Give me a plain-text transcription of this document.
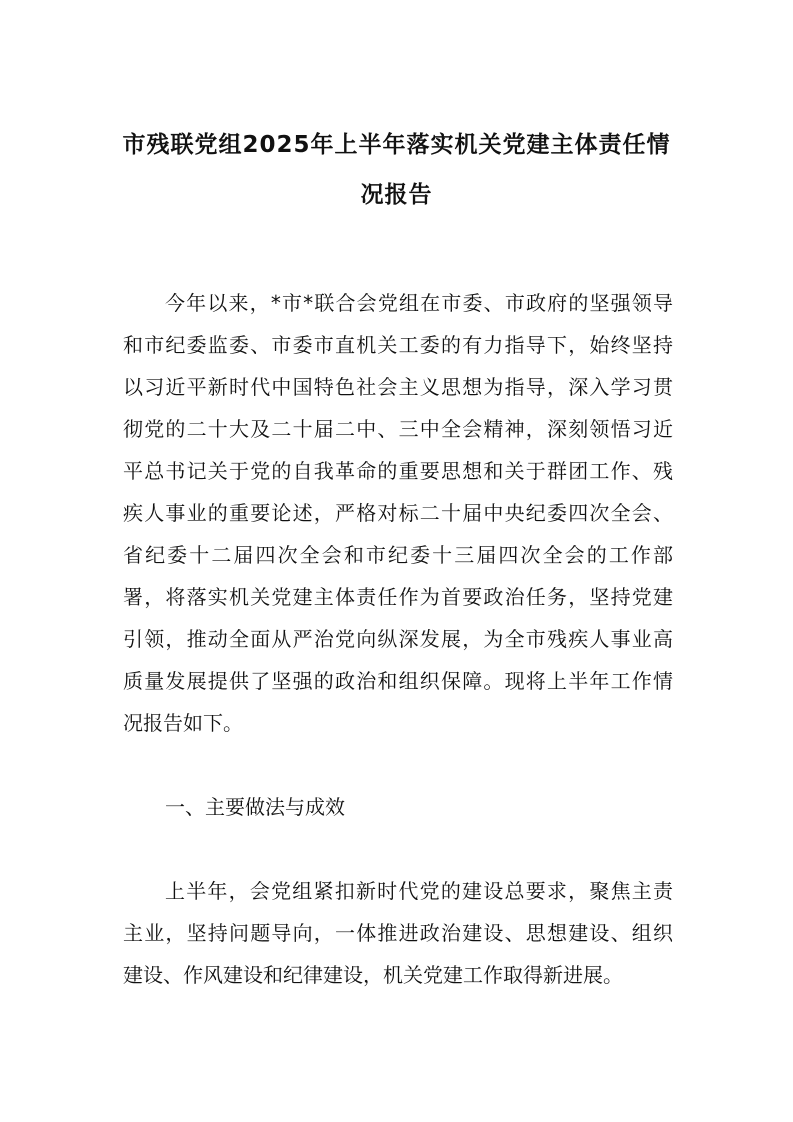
市残联党组2025年上半年落实机关党建主体责任情
况报告
今年以来，*市*联合会党组在市委、市政府的坚强领导
和市纪委监委、市委市直机关工委的有力指导下，始终坚持
以习近平新时代中国特色社会主义思想为指导，深入学习贯
彻党的二十大及二十届二中、三中全会精神，深刻领悟习近
平总书记关于党的自我革命的重要思想和关于群团工作、残
疾人事业的重要论述，严格对标二十届中央纪委四次全会、
省纪委十二届四次全会和市纪委十三届四次全会的工作部
署，将落实机关党建主体责任作为首要政治任务，坚持党建
引领，推动全面从严治党向纵深发展，为全市残疾人事业高
质量发展提供了坚强的政治和组织保障。现将上半年工作情
况报告如下。
一、主要做法与成效
上半年，会党组紧扣新时代党的建设总要求，聚焦主责
主业，坚持问题导向，一体推进政治建设、思想建设、组织
建设、作风建设和纪律建设，机关党建工作取得新进展。
